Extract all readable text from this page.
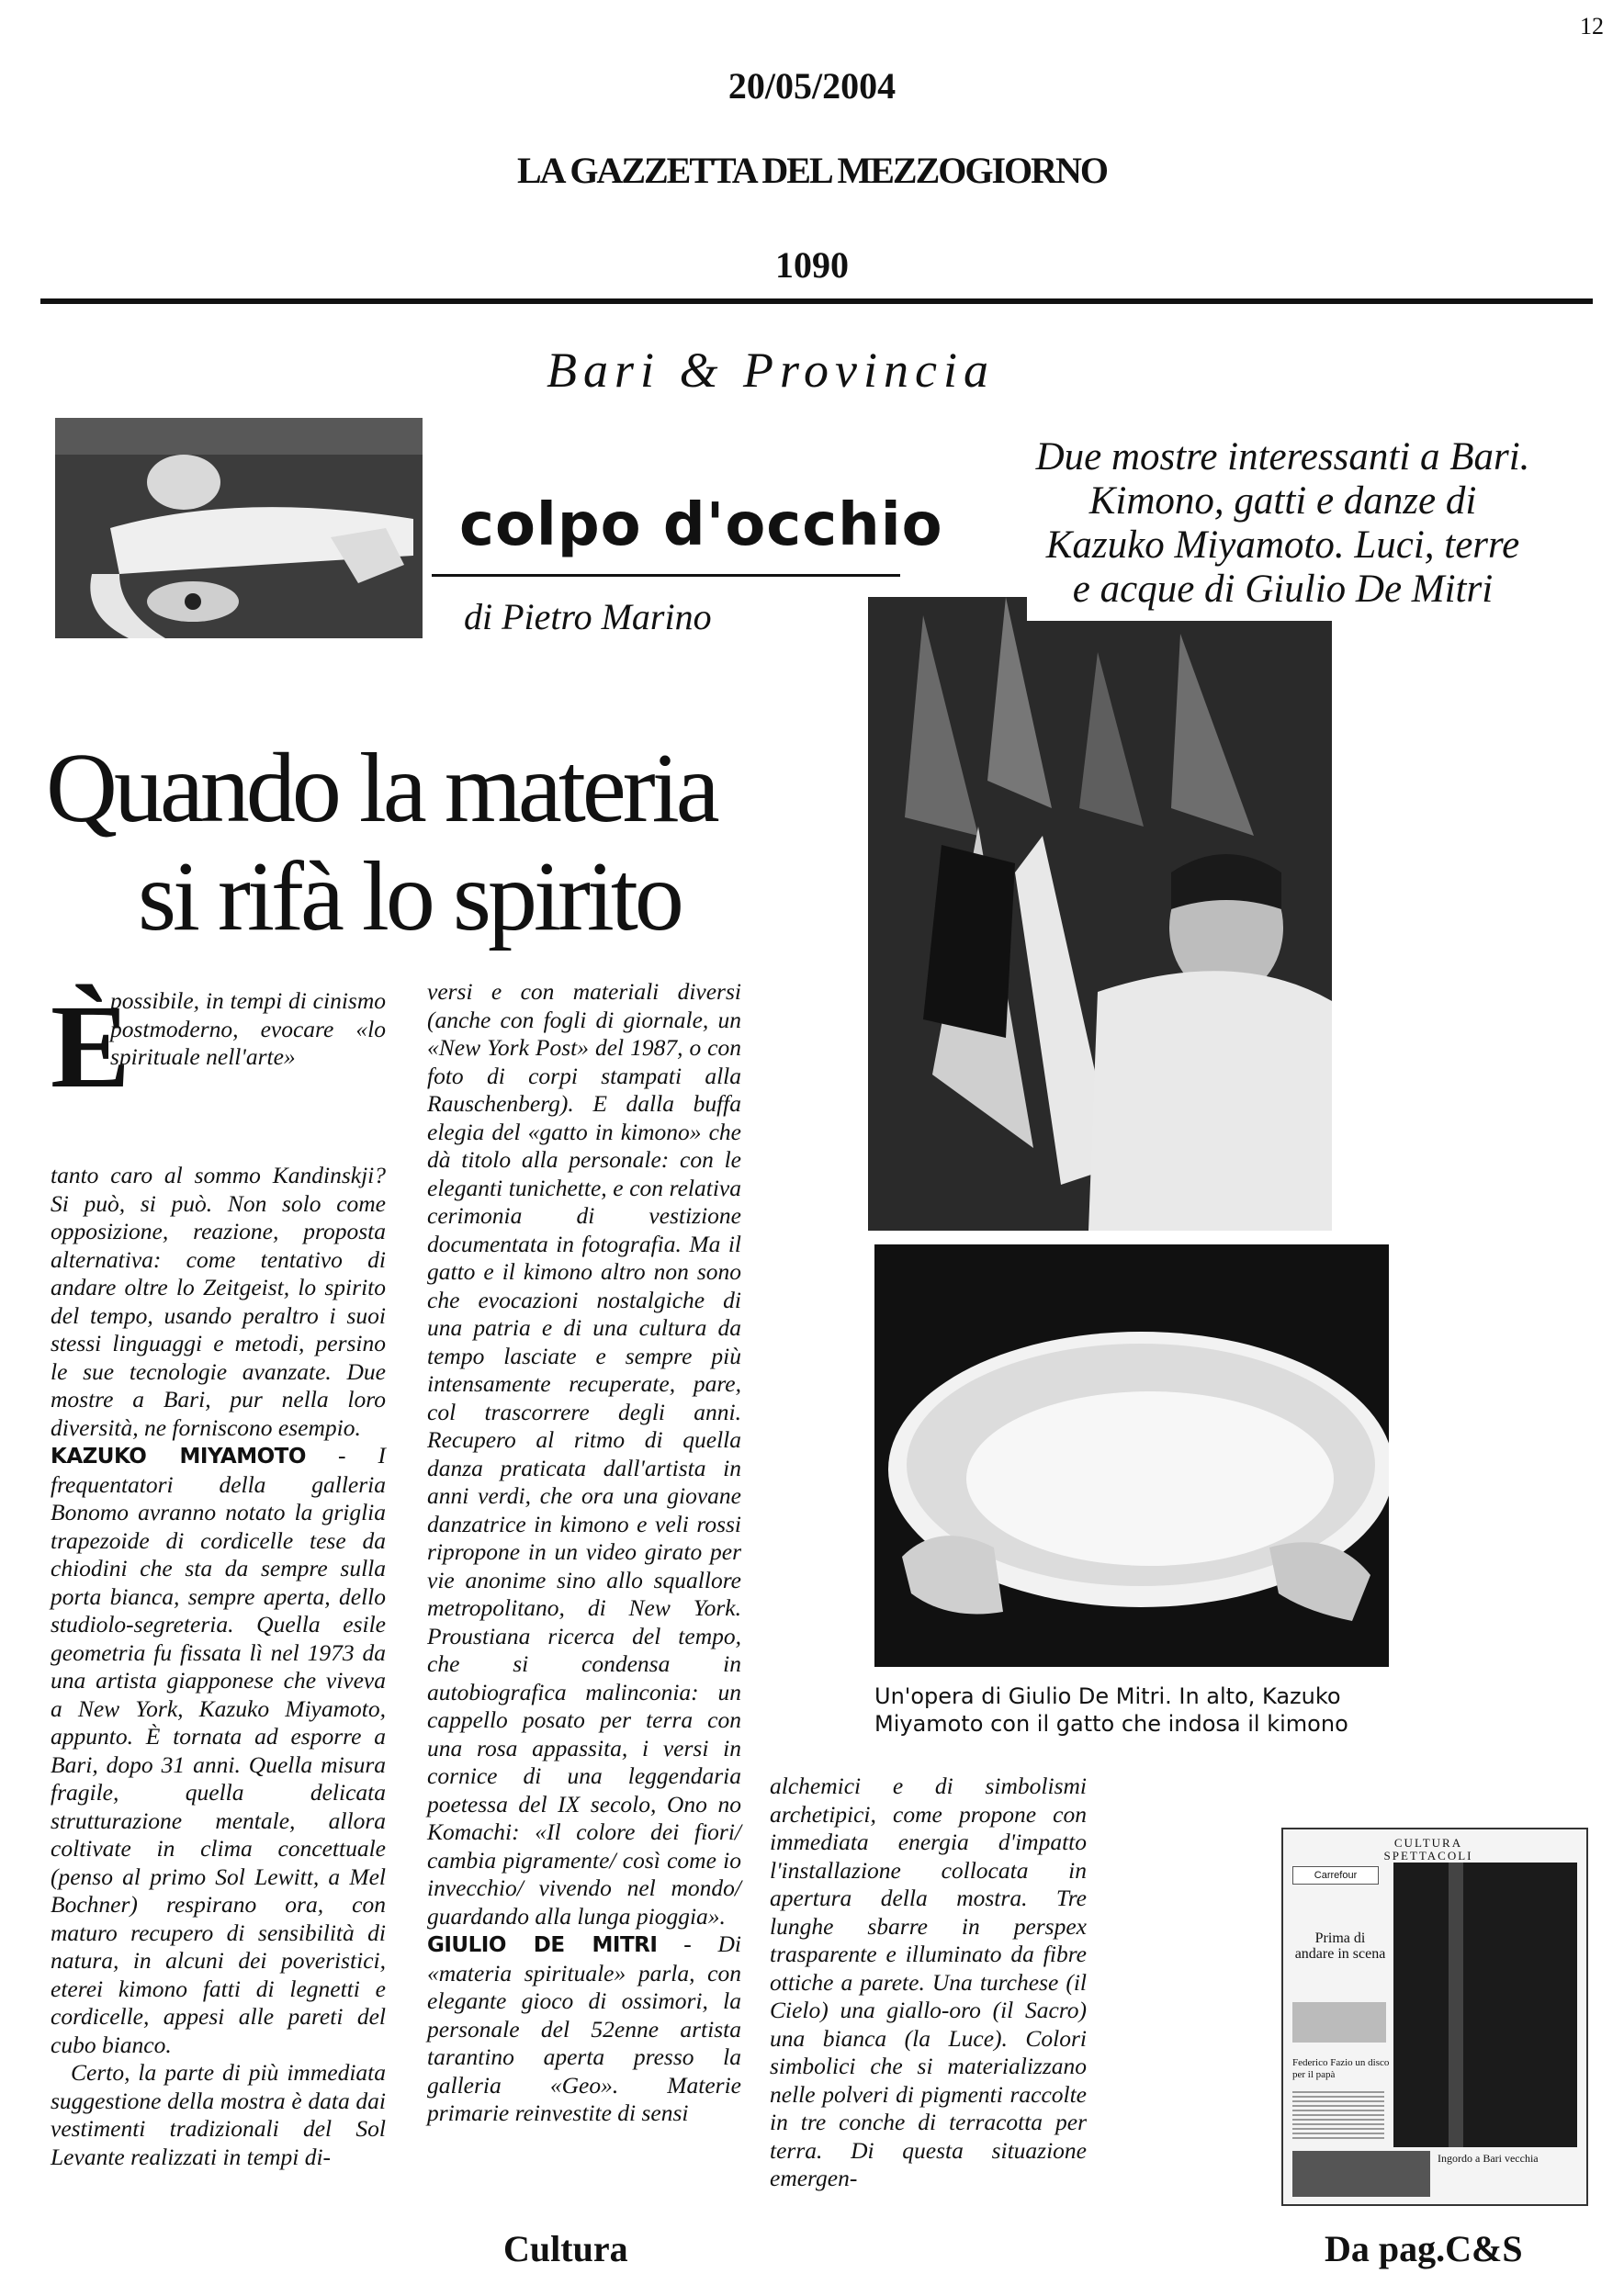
12
20/05/2004
LA GAZZETTA DEL MEZZOGIORNO
1090
Bari & Provincia
colpo d'occhio
di Pietro Marino
Due mostre interessanti a Bari. Kimono, gatti e danze di Kazuko Miyamoto. Luci, terre e acque di Giulio De Mitri
Quando la materia
si rifà lo spirito
È

possibile, in tempi di cinismo postmoderno, evocare «lo spirituale nell'arte»

tanto caro al sommo Kandinskji? Si può, si può. Non solo come opposizione, reazione, proposta alternativa: come tentativo di andare oltre lo Zeitgeist, lo spirito del tempo, usando peraltro i suoi stessi linguaggi e metodi, persino le sue tecnologie avanzate. Due mostre a Bari, pur nella loro diversità, ne forniscono esempio.

KAZUKO MIYAMOTO - I frequentatori della galleria Bonomo avranno notato la griglia trapezoide di cordicelle tese da chiodini che sta da sempre sulla porta bianca, sempre aperta, dello studiolo-segreteria. Quella esile geometria fu fissata lì nel 1973 da una artista giapponese che viveva a New York, Kazuko Miyamoto, appunto. È tornata ad esporre a Bari, dopo 31 anni. Quella misura fragile, quella delicata strutturazione mentale, allora coltivate in clima concettuale (penso al primo Sol Lewitt, a Mel Bochner) respirano ora, con maturo recupero di sensibilità di natura, in alcuni dei poveristici, eterei kimono fatti di legnetti e cordicelle, appesi alle pareti del cubo bianco.

Certo, la parte di più immediata suggestione della mostra è data dai vestimenti tradizionali del Sol Levante realizzati in tempi di-

versi e con materiali diversi (anche con fogli di giornale, un «New York Post» del 1987, o con foto di corpi stampati alla Rauschenberg). E dalla buffa elegia del «gatto in kimono» che dà titolo alla personale: con le eleganti tunichette, e con relativa cerimonia di vestizione documentata in fotografia. Ma il gatto e il kimono altro non sono che evocazioni nostalgiche di una patria e di una cultura da tempo lasciate e sempre più intensamente recuperate, pare, col trascorrere degli anni. Recupero al ritmo di quella danza praticata dall'artista in anni verdi, che ora una giovane danzatrice in kimono e veli rossi ripropone in un video girato per vie anonime sino allo squallore metropolitano, di New York. Proustiana ricerca del tempo, che si condensa in autobiografica malinconia: un cappello posato per terra con una rosa appassita, i versi in cornice di una leggendaria poetessa del IX secolo, Ono no Komachi: «Il colore dei fiori/ cambia pigramente/ così come io invecchio/ vivendo nel mondo/ guardando alla lunga pioggia».

GIULIO DE MITRI - Di «materia spirituale» parla, con elegante gioco di ossimori, la personale del 52enne artista tarantino aperta presso la galleria «Geo». Materie primarie reinvestite di sensi

alchemici e di simbolismi archetipici, come propone con immediata energia d'impatto l'installazione collocata in apertura della mostra. Tre lunghe sbarre in perspex trasparente e illuminato da fibre ottiche a parete. Una turchese (il Cielo) una giallo-oro (il Sacro) una bianca (la Luce). Colori simbolici che si materializzano nelle polveri di pigmenti raccolte in tre conche di terracotta per terra. Di questa situazione emergen-

Un'opera di Giulio De Mitri. In alto, Kazuko Miyamoto con il gatto che indosa il kimono
CULTURA SPETTACOLI
Carrefour
Prima di andare in scena
Federico Fazio un disco per il papà
Ingordo a Bari vecchia
Cultura	Da pag.C&S
